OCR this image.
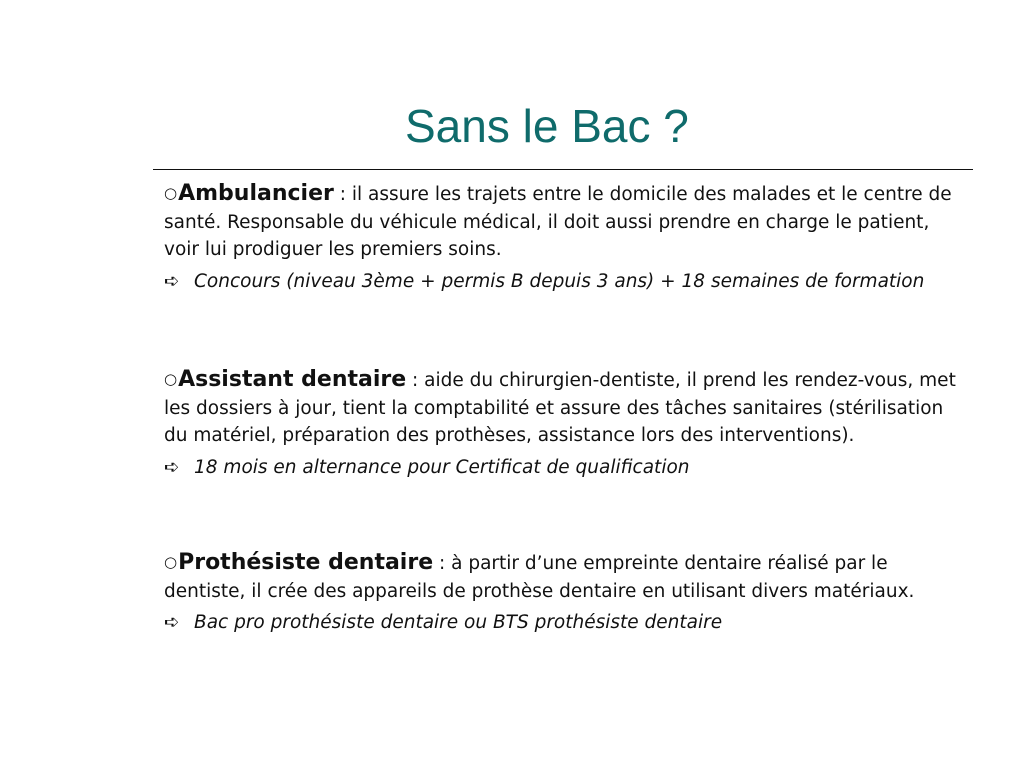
Sans le Bac ?

○Ambulancier : il assure les trajets entre le domicile des malades et le centre de santé. Responsable du véhicule médical, il doit aussi prendre en charge le patient, voir lui prodiguer les premiers soins.

➪ Concours (niveau 3ème + permis B depuis 3 ans) + 18 semaines de formation

○Assistant dentaire : aide du chirurgien-dentiste, il prend les rendez-vous, met les dossiers à jour, tient la comptabilité et assure des tâches sanitaires (stérilisation du matériel, préparation des prothèses, assistance lors des interventions).

➪ 18 mois en alternance pour Certificat de qualification

○Prothésiste dentaire : à partir d’une empreinte dentaire réalisé par le dentiste, il crée des appareils de prothèse dentaire en utilisant divers matériaux.

➪ Bac pro prothésiste dentaire ou BTS prothésiste dentaire
